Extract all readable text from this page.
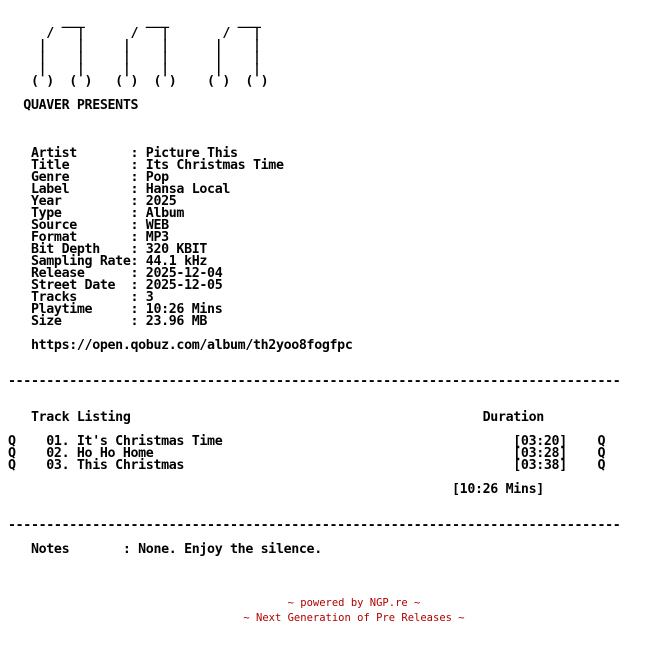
___        ___         ___
/   |      /   |       /   |
|    |     |    |      |    |
|    |     |    |      |    |
|    |     |    |      |    |
( )  ( )   ( )  ( )    ( )  ( )
QUAVER PRESENTS
Artist       : Picture This
Title        : Its Christmas Time
Genre        : Pop
Label        : Hansa Local
Year         : 2025
Type         : Album
Source       : WEB
Format       : MP3
Bit Depth    : 320 KBIT
Sampling Rate: 44.1 kHz
Release      : 2025-12-04
Street Date  : 2025-12-05
Tracks       : 3
Playtime     : 10:26 Mins
Size         : 23.96 MB
https://open.qobuz.com/album/th2yoo8fogfpc
--------------------------------------------------------------------------------
Track Listing                                              Duration
Q    01. It's Christmas Time                                      [03:20]    Q
Q    02. Ho Ho Home                                               [03:28]    Q
Q    03. This Christmas                                           [03:38]    Q
[10:26 Mins]
--------------------------------------------------------------------------------
Notes       : None. Enjoy the silence.
~ powered by NGP.re ~
~ Next Generation of Pre Releases ~
